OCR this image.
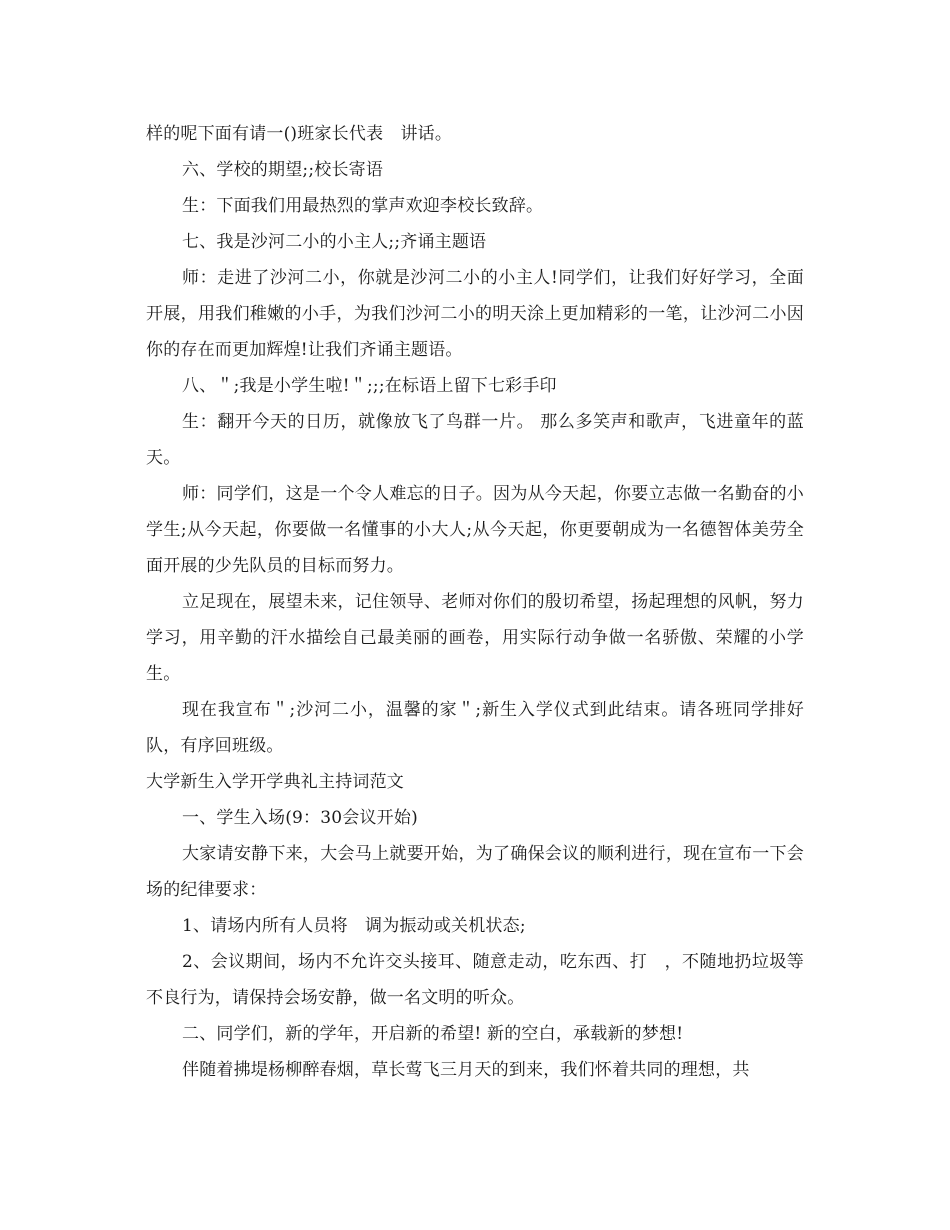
样的呢下面有请一()班家长代表　讲话。

六、学校的期望;;校长寄语

生：下面我们用最热烈的掌声欢迎李校长致辞。

七、我是沙河二小的小主人;;齐诵主题语

师：走进了沙河二小，你就是沙河二小的小主人!同学们，让我们好好学习，全面开展，用我们稚嫩的小手，为我们沙河二小的明天涂上更加精彩的一笔，让沙河二小因你的存在而更加辉煌!让我们齐诵主题语。

八、＂;我是小学生啦!＂;;;在标语上留下七彩手印

生：翻开今天的日历，就像放飞了鸟群一片。 那么多笑声和歌声，飞进童年的蓝天。

师：同学们，这是一个令人难忘的日子。因为从今天起，你要立志做一名勤奋的小学生;从今天起，你要做一名懂事的小大人;从今天起，你更要朝成为一名德智体美劳全面开展的少先队员的目标而努力。

立足现在，展望未来，记住领导、老师对你们的殷切希望，扬起理想的风帆，努力学习，用辛勤的汗水描绘自己最美丽的画卷，用实际行动争做一名骄傲、荣耀的小学生。

现在我宣布＂;沙河二小，温馨的家＂;新生入学仪式到此结束。请各班同学排好队，有序回班级。

大学新生入学开学典礼主持词范文

一、学生入场(9：30会议开始)

大家请安静下来，大会马上就要开始，为了确保会议的顺利进行，现在宣布一下会场的纪律要求：

1、请场内所有人员将　调为振动或关机状态;

2、会议期间，场内不允许交头接耳、随意走动，吃东西、打　，不随地扔垃圾等不良行为，请保持会场安静，做一名文明的听众。

二、同学们，新的学年，开启新的希望! 新的空白，承载新的梦想!

伴随着拂堤杨柳醉春烟，草长莺飞三月天的到来，我们怀着共同的理想，共
